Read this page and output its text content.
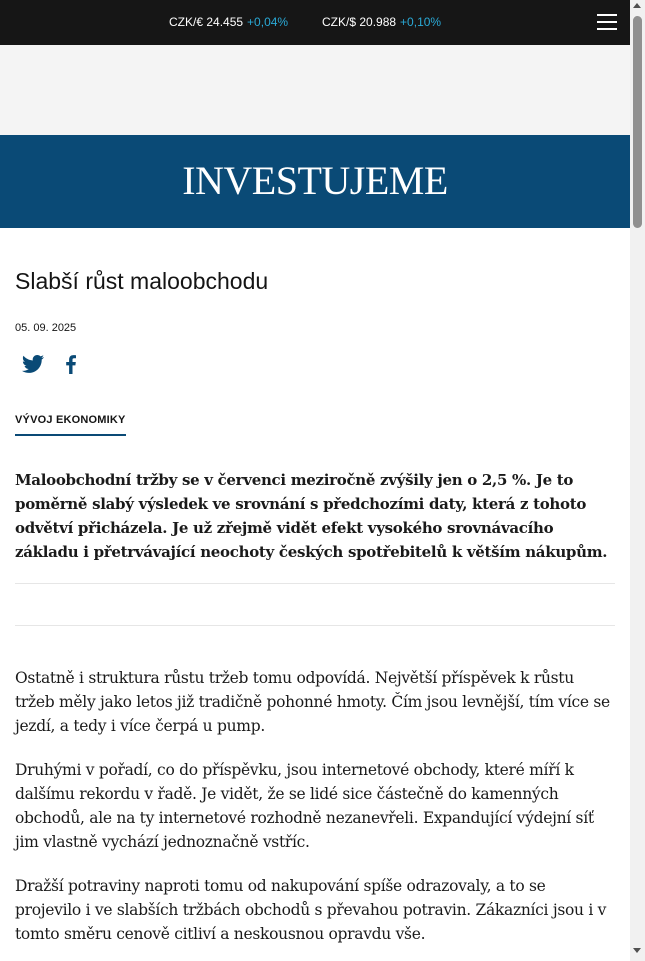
CZK/€ 24.455 +0,04%	CZK/$ 20.988 +0,10%
INVESTUJEME
Slabší růst maloobchodu
05. 09. 2025
VÝVOJ EKONOMIKY

Maloobchodní tržby se v červenci meziročně zvýšily jen o 2,5 %. Je to poměrně slabý výsledek ve srovnání s předchozími daty, která z tohoto odvětví přicházela. Je už zřejmě vidět efekt vysokého srovnávacího základu i přetrvávající neochoty českých spotřebitelů k větším nákupům.

Ostatně i struktura růstu tržeb tomu odpovídá. Největší příspěvek k růstu tržeb měly jako letos již tradičně pohonné hmoty. Čím jsou levnější, tím více se jezdí, a tedy i více čerpá u pump.

Druhými v pořadí, co do příspěvku, jsou internetové obchody, které míří k dalšímu rekordu v řadě. Je vidět, že se lidé sice částečně do kamenných obchodů, ale na ty internetové rozhodně nezanevřeli. Expandující výdejní síť jim vlastně vychází jednoznačně vstříc.

Dražší potraviny naproti tomu od nakupování spíše odrazovaly, a to se projevilo i ve slabších tržbách obchodů s převahou potravin. Zákazníci jsou i v tomto směru cenově citliví a neskousnou opravdu vše.
